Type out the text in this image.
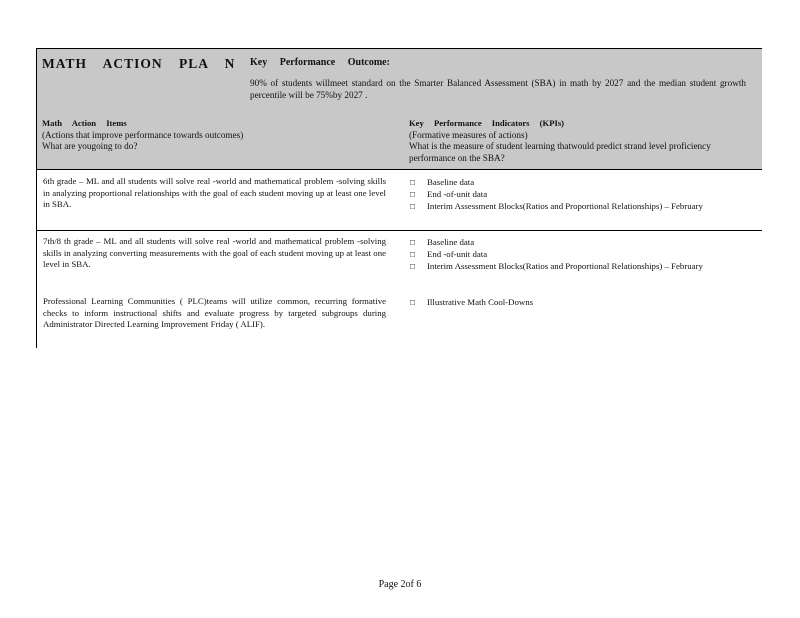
MATH ACTION PLA N Key Performance Outcome:
90% of students willmeet standard on the Smarter Balanced Assessment (SBA) in math by 2027 and the median student growth percentile will be 75%by 2027 .
Math Action Items
(Actions that improve performance towards outcomes)
What are yougoing to do?
Key Performance Indicators (KPIs)
(Formative measures of actions)
What is the measure of student learning thatwould predict strand level proficiency performance on the SBA?
6th grade – ML and all students will solve real -world and mathematical problem -solving skills in analyzing proportional relationships with the goal of each student moving up at least one level in SBA.
□ Baseline data
□ End -of-unit data
□ Interim Assessment Blocks(Ratios and Proportional Relationships) – February
7th/8 th grade – ML and all students will solve real -world and mathematical problem -solving skills in analyzing converting measurements with the goal of each student moving up at least one level in SBA.
□ Baseline data
□ End -of-unit data
□ Interim Assessment Blocks(Ratios and Proportional Relationships) – February
Professional Learning Communities ( PLC)teams will utilize common, recurring formative checks to inform instructional shifts and evaluate progress by targeted subgroups during Administrator Directed Learning Improvement Friday ( ALIF).
□ Illustrative Math Cool-Downs
Page 2of 6
